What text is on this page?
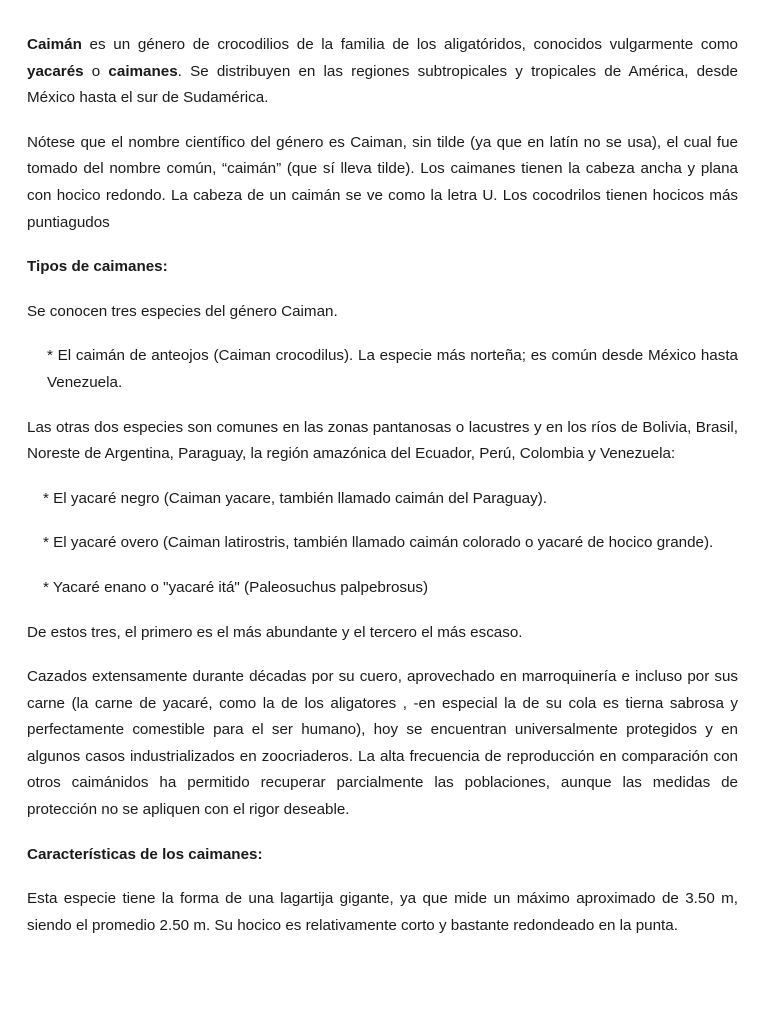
Caimán es un género de crocodilios de la familia de los aligatóridos, conocidos vulgarmente como yacarés o caimanes. Se distribuyen en las regiones subtropicales y tropicales de América, desde México hasta el sur de Sudamérica.

Nótese que el nombre científico del género es Caiman, sin tilde (ya que en latín no se usa), el cual fue tomado del nombre común, “caimán” (que sí lleva tilde). Los caimanes tienen la cabeza ancha y plana con hocico redondo. La cabeza de un caimán se ve como la letra U. Los cocodrilos tienen hocicos más puntiagudos

Tipos de caimanes:

Se conocen tres especies del género Caiman.

* El caimán de anteojos (Caiman crocodilus). La especie más norteña; es común desde México hasta Venezuela.

Las otras dos especies son comunes en las zonas pantanosas o lacustres y en los ríos de Bolivia, Brasil, Noreste de Argentina, Paraguay, la región amazónica del Ecuador, Perú, Colombia y Venezuela:

* El yacaré negro (Caiman yacare, también llamado caimán del Paraguay).

* El yacaré overo (Caiman latirostris, también llamado caimán colorado o yacaré de hocico grande).

* Yacaré enano o "yacaré itá" (Paleosuchus palpebrosus)

De estos tres, el primero es el más abundante y el tercero el más escaso.

Cazados extensamente durante décadas por su cuero, aprovechado en marroquinería e incluso por sus carne (la carne de yacaré, como la de los aligatores , -en especial la de su cola es tierna sabrosa y perfectamente comestible para el ser humano), hoy se encuentran universalmente protegidos y en algunos casos industrializados en zoocriaderos. La alta frecuencia de reproducción en comparación con otros caimánidos ha permitido recuperar parcialmente las poblaciones, aunque las medidas de protección no se apliquen con el rigor deseable.

Características de los caimanes:

Esta especie tiene la forma de una lagartija gigante, ya que mide un máximo aproximado de 3.50 m, siendo el promedio 2.50 m. Su hocico es relativamente corto y bastante redondeado en la punta.
